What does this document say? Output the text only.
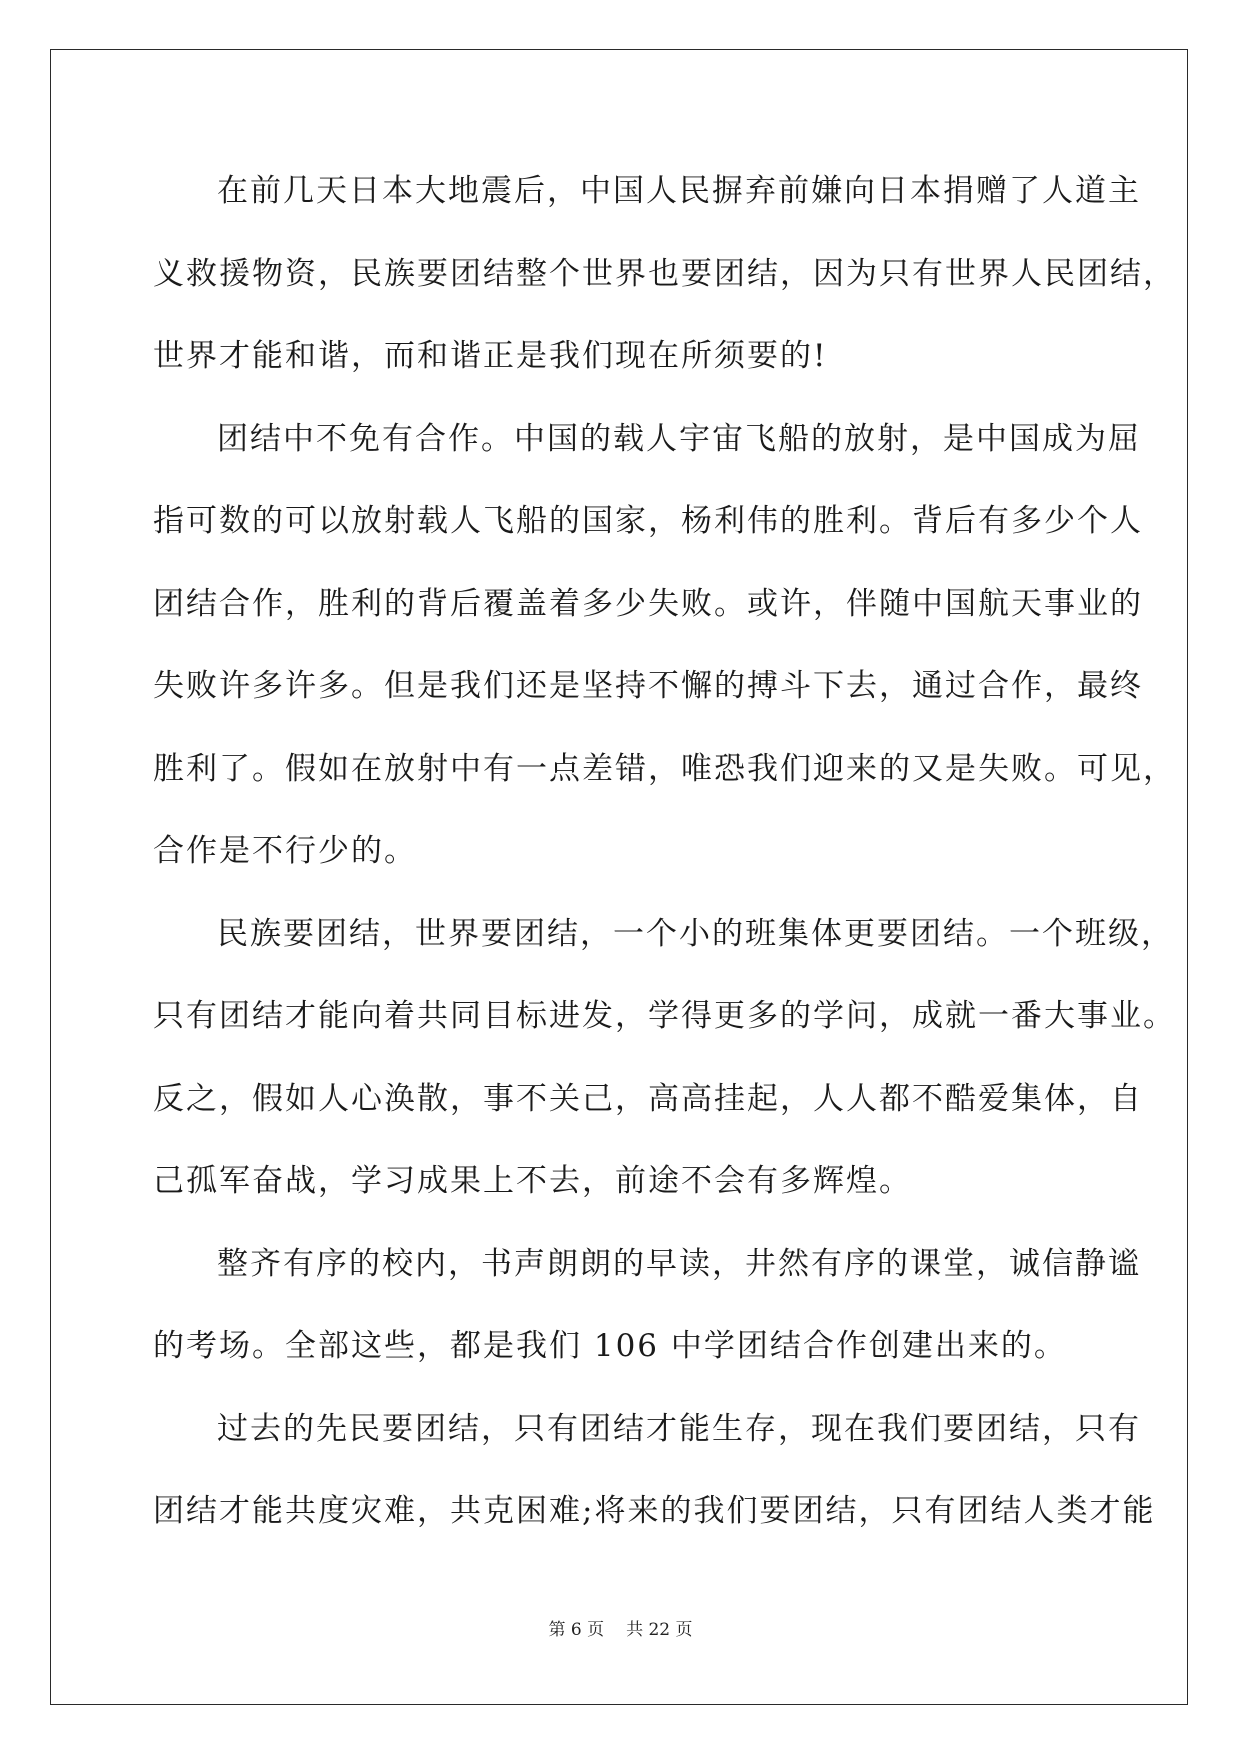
在前几天日本大地震后，中国人民摒弃前嫌向日本捐赠了人道主
义救援物资，民族要团结整个世界也要团结，因为只有世界人民团结，
世界才能和谐，而和谐正是我们现在所须要的!
团结中不免有合作。中国的载人宇宙飞船的放射，是中国成为屈
指可数的可以放射载人飞船的国家，杨利伟的胜利。背后有多少个人
团结合作，胜利的背后覆盖着多少失败。或许，伴随中国航天事业的
失败许多许多。但是我们还是坚持不懈的搏斗下去，通过合作，最终
胜利了。假如在放射中有一点差错，唯恐我们迎来的又是失败。可见，
合作是不行少的。
民族要团结，世界要团结，一个小的班集体更要团结。一个班级，
只有团结才能向着共同目标进发，学得更多的学问，成就一番大事业。
反之，假如人心涣散，事不关己，高高挂起，人人都不酷爱集体，自
己孤军奋战，学习成果上不去，前途不会有多辉煌。
整齐有序的校内，书声朗朗的早读，井然有序的课堂，诚信静谧
的考场。全部这些，都是我们 106 中学团结合作创建出来的。
过去的先民要团结，只有团结才能生存，现在我们要团结，只有
团结才能共度灾难，共克困难;将来的我们要团结，只有团结人类才能
第 6 页 共 22 页
